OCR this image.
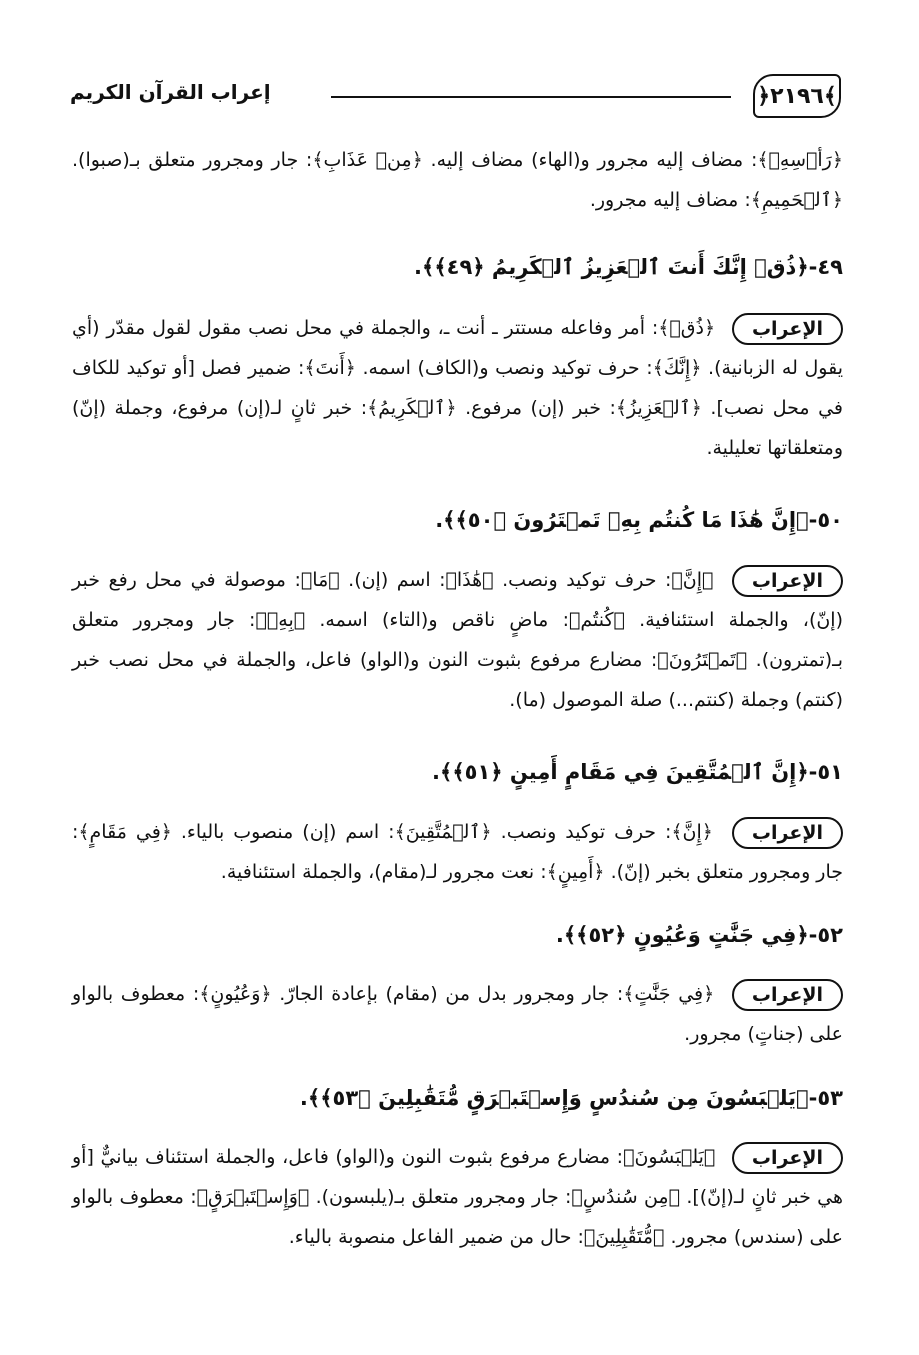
﴿٢١٩٦﴾
إعراب القرآن الكريم
﴿رَأۡسِهِۦ﴾: مضاف إليه مجرور و(الهاء) مضاف إليه. ﴿مِنۡ عَذَابِ﴾: جار ومجرور متعلق بـ(صبوا). ﴿ٱلۡحَمِيمِ﴾: مضاف إليه مجرور.
٤٩-﴿ذُقۡ إِنَّكَ أَنتَ ٱلۡعَزِيزُ ٱلۡكَرِيمُ ﴿٤٩﴾﴾.
الإعراب ﴿ذُقۡ﴾: أمر وفاعله مستتر ـ أنت ـ، والجملة في محل نصب مقول لقول مقدّر (أي يقول له الزبانية). ﴿إِنَّكَ﴾: حرف توكيد ونصب و(الكاف) اسمه. ﴿أَنتَ﴾: ضمير فصل [أو توكيد للكاف في محل نصب]. ﴿ٱلۡعَزِيزُ﴾: خبر (إن) مرفوع. ﴿ٱلۡكَرِيمُ﴾: خبر ثانٍ لـ(إن) مرفوع، وجملة (إنّ) ومتعلقاتها تعليلية.
٥٠-﴿إِنَّ هَٰذَا مَا كُنتُم بِهِۦ تَمۡتَرُونَ ﴿٥٠﴾﴾.
الإعراب ﴿إِنَّ﴾: حرف توكيد ونصب. ﴿هَٰذَا﴾: اسم (إن). ﴿مَا﴾: موصولة في محل رفع خبر (إنّ)، والجملة استئنافية. ﴿كُنتُم﴾: ماضٍ ناقص و(التاء) اسمه. ﴿بِهِۦ﴾: جار ومجرور متعلق بـ(تمترون). ﴿تَمۡتَرُونَ﴾: مضارع مرفوع بثبوت النون و(الواو) فاعل، والجملة في محل نصب خبر (كنتم) وجملة (كنتم...) صلة الموصول (ما).
٥١-﴿إِنَّ ٱلۡمُتَّقِينَ فِي مَقَامٍ أَمِينٍ ﴿٥١﴾﴾.
الإعراب ﴿إِنَّ﴾: حرف توكيد ونصب. ﴿ٱلۡمُتَّقِينَ﴾: اسم (إن) منصوب بالياء. ﴿فِي مَقَامٍ﴾: جار ومجرور متعلق بخبر (إنّ). ﴿أَمِينٍ﴾: نعت مجرور لـ(مقام)، والجملة استئنافية.
٥٢-﴿فِي جَنَّٰتٍ وَعُيُونٍ ﴿٥٢﴾﴾.
الإعراب ﴿فِي جَنَّٰتٍ﴾: جار ومجرور بدل من (مقام) بإعادة الجارّ. ﴿وَعُيُونٍ﴾: معطوف بالواو على (جناتٍ) مجرور.
٥٣-﴿يَلۡبَسُونَ مِن سُندُسٍ وَإِسۡتَبۡرَقٍ مُّتَقَٰبِلِينَ ﴿٥٣﴾﴾.
الإعراب ﴿يَلۡبَسُونَ﴾: مضارع مرفوع بثبوت النون و(الواو) فاعل، والجملة استئناف بيانيٌّ [أو هي خبر ثانٍ لـ(إنّ)]. ﴿مِن سُندُسٍ﴾: جار ومجرور متعلق بـ(يلبسون). ﴿وَإِسۡتَبۡرَقٍ﴾: معطوف بالواو على (سندس) مجرور. ﴿مُّتَقَٰبِلِينَ﴾: حال من ضمير الفاعل منصوبة بالياء.
